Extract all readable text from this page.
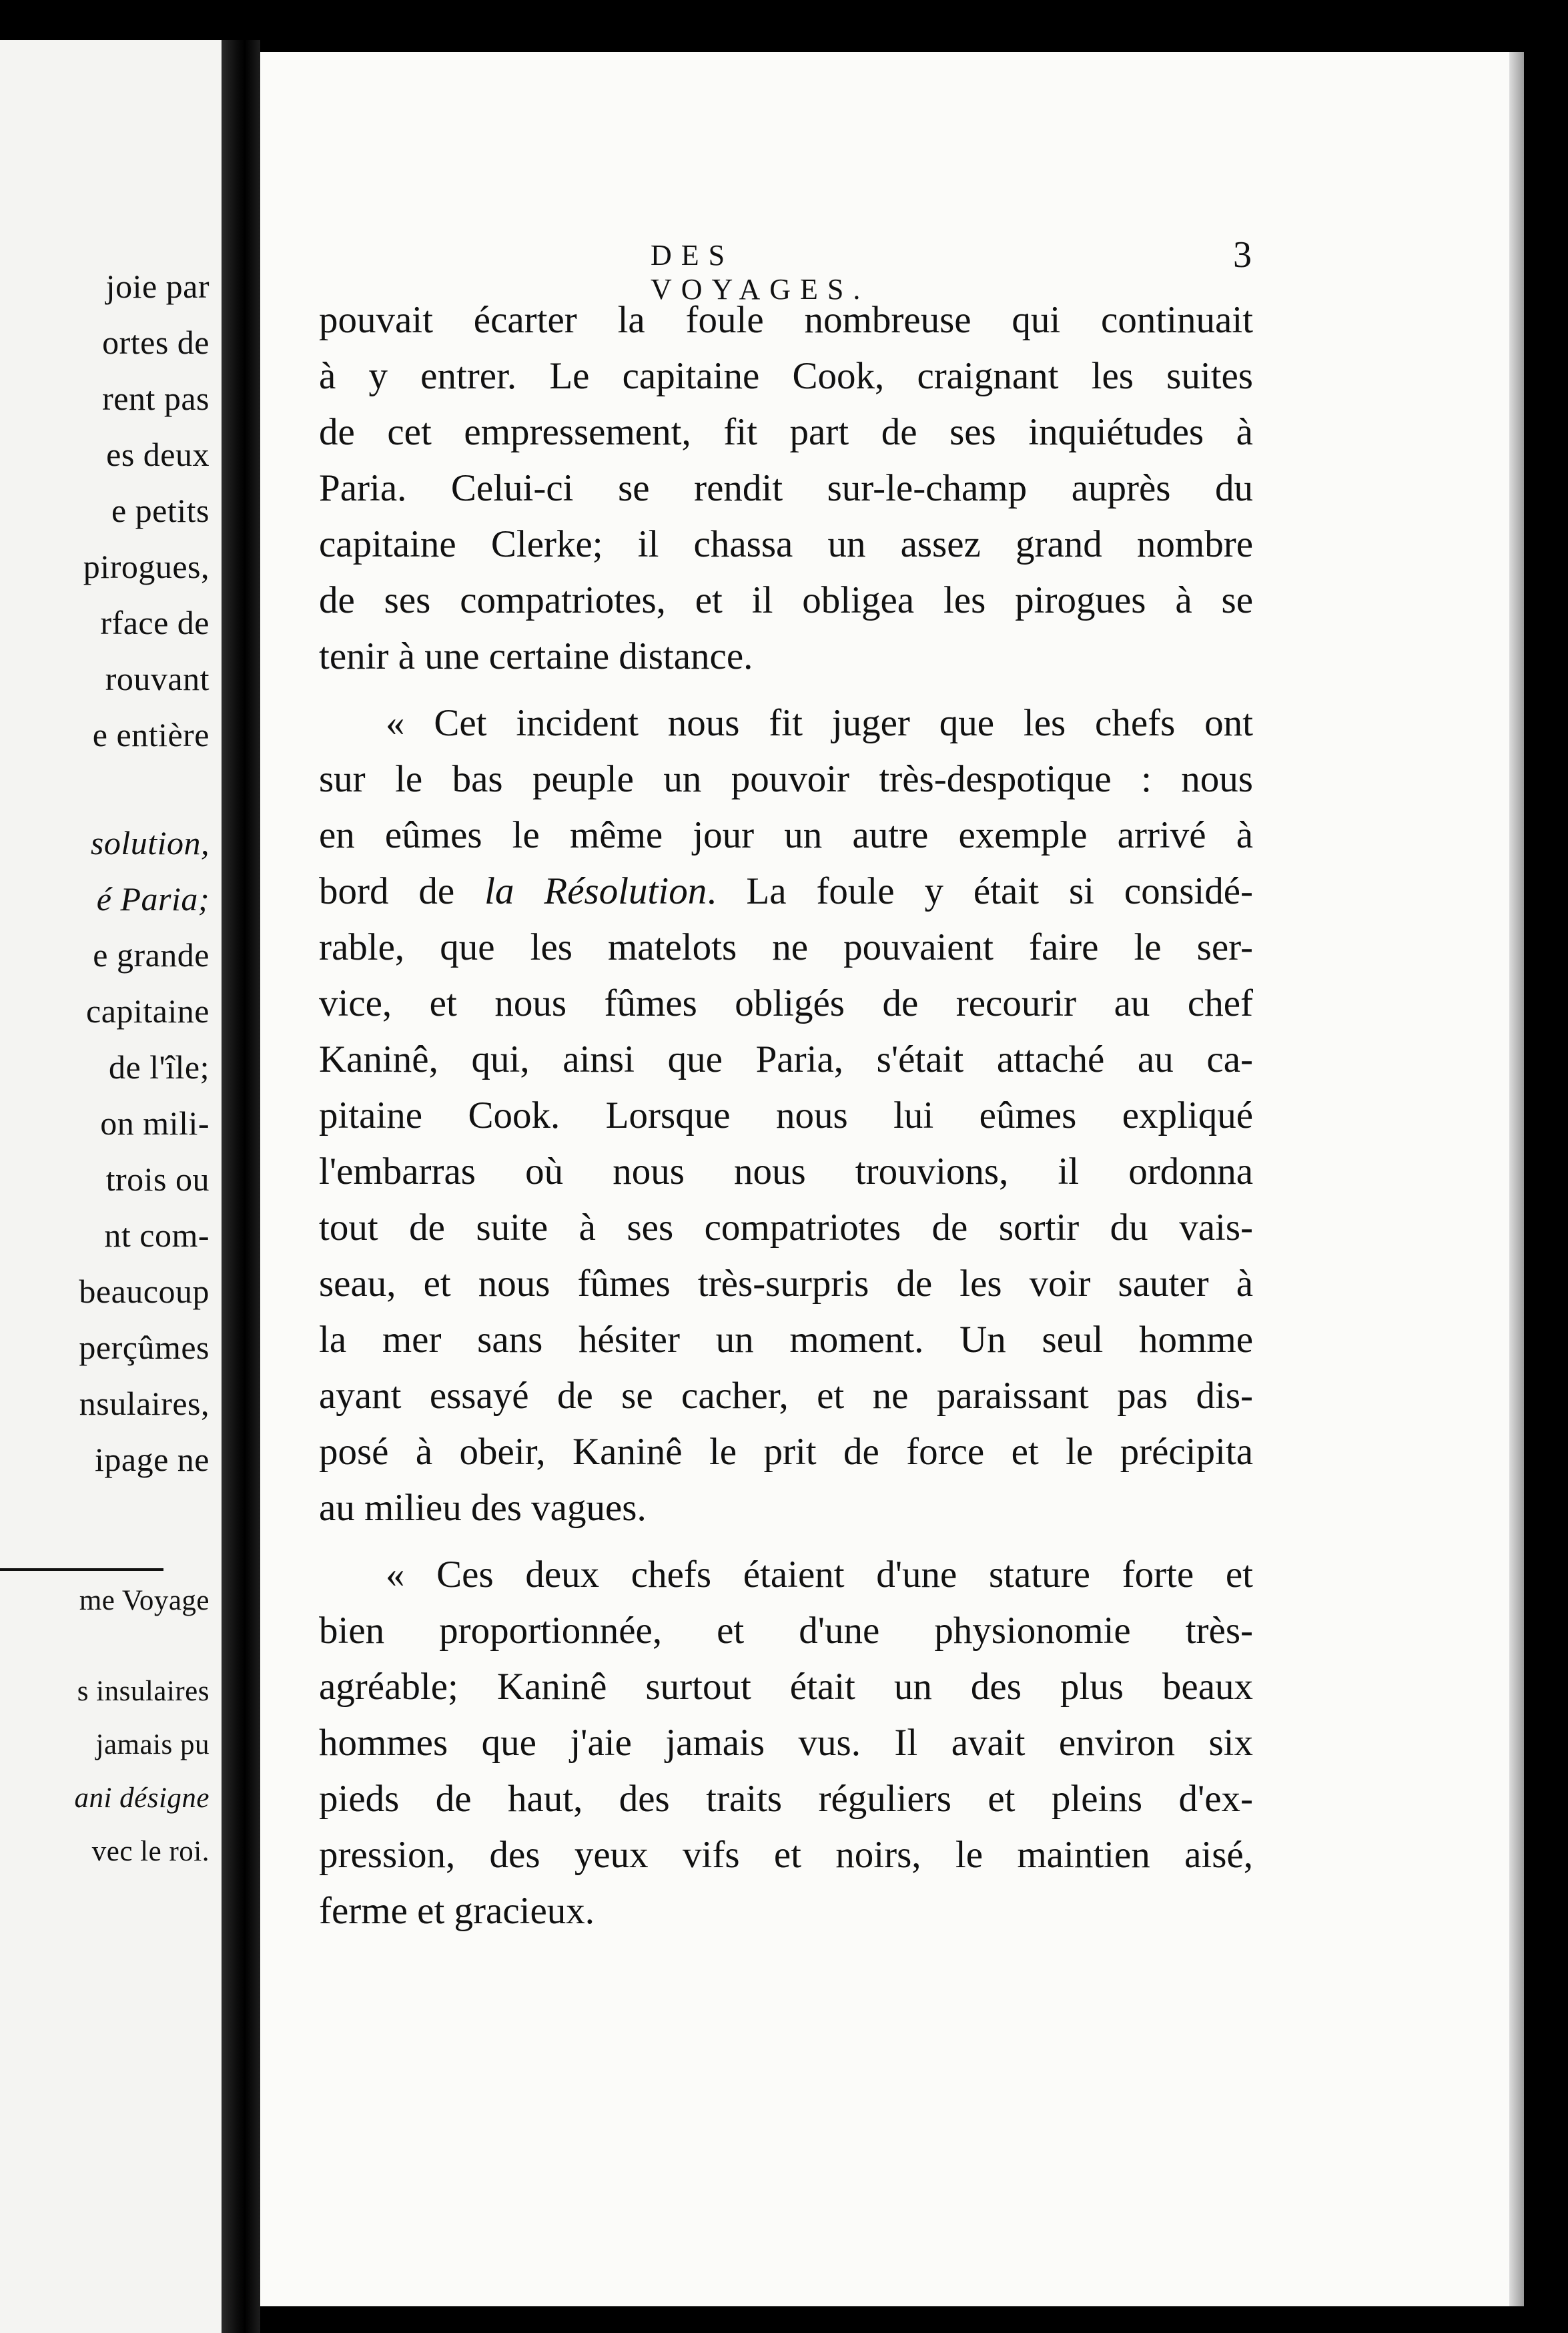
joie par
ortes de
rent pas
es deux
e petits
pirogues,
rface de
rouvant
e entière
solution,
é Paria;
e grande
capitaine
de l'île;
on mili-
trois ou
nt com-
beaucoup
perçûmes
nsulaires,
ipage ne
me Voyage
s insulaires
jamais pu
ani désigne
vec le roi.
DES VOYAGES.
3
pouvait écarter la foule nombreuse qui continuait
à y entrer. Le capitaine Cook, craignant les suites
de cet empressement, fit part de ses inquiétudes à
Paria. Celui-ci se rendit sur-le-champ auprès du
capitaine Clerke; il chassa un assez grand nombre
de ses compatriotes, et il obligea les pirogues à se
tenir à une certaine distance.
« Cet incident nous fit juger que les chefs ont
sur le bas peuple un pouvoir très-despotique : nous
en eûmes le même jour un autre exemple arrivé à
bord de la Résolution. La foule y était si considé-
rable, que les matelots ne pouvaient faire le ser-
vice, et nous fûmes obligés de recourir au chef
Kaninê, qui, ainsi que Paria, s'était attaché au ca-
pitaine Cook. Lorsque nous lui eûmes expliqué
l'embarras où nous nous trouvions, il ordonna
tout de suite à ses compatriotes de sortir du vais-
seau, et nous fûmes très-surpris de les voir sauter à
la mer sans hésiter un moment. Un seul homme
ayant essayé de se cacher, et ne paraissant pas dis-
posé à obeir, Kaninê le prit de force et le précipita
au milieu des vagues.
« Ces deux chefs étaient d'une stature forte et
bien proportionnée, et d'une physionomie très-
agréable; Kaninê surtout était un des plus beaux
hommes que j'aie jamais vus. Il avait environ six
pieds de haut, des traits réguliers et pleins d'ex-
pression, des yeux vifs et noirs, le maintien aisé,
ferme et gracieux.
